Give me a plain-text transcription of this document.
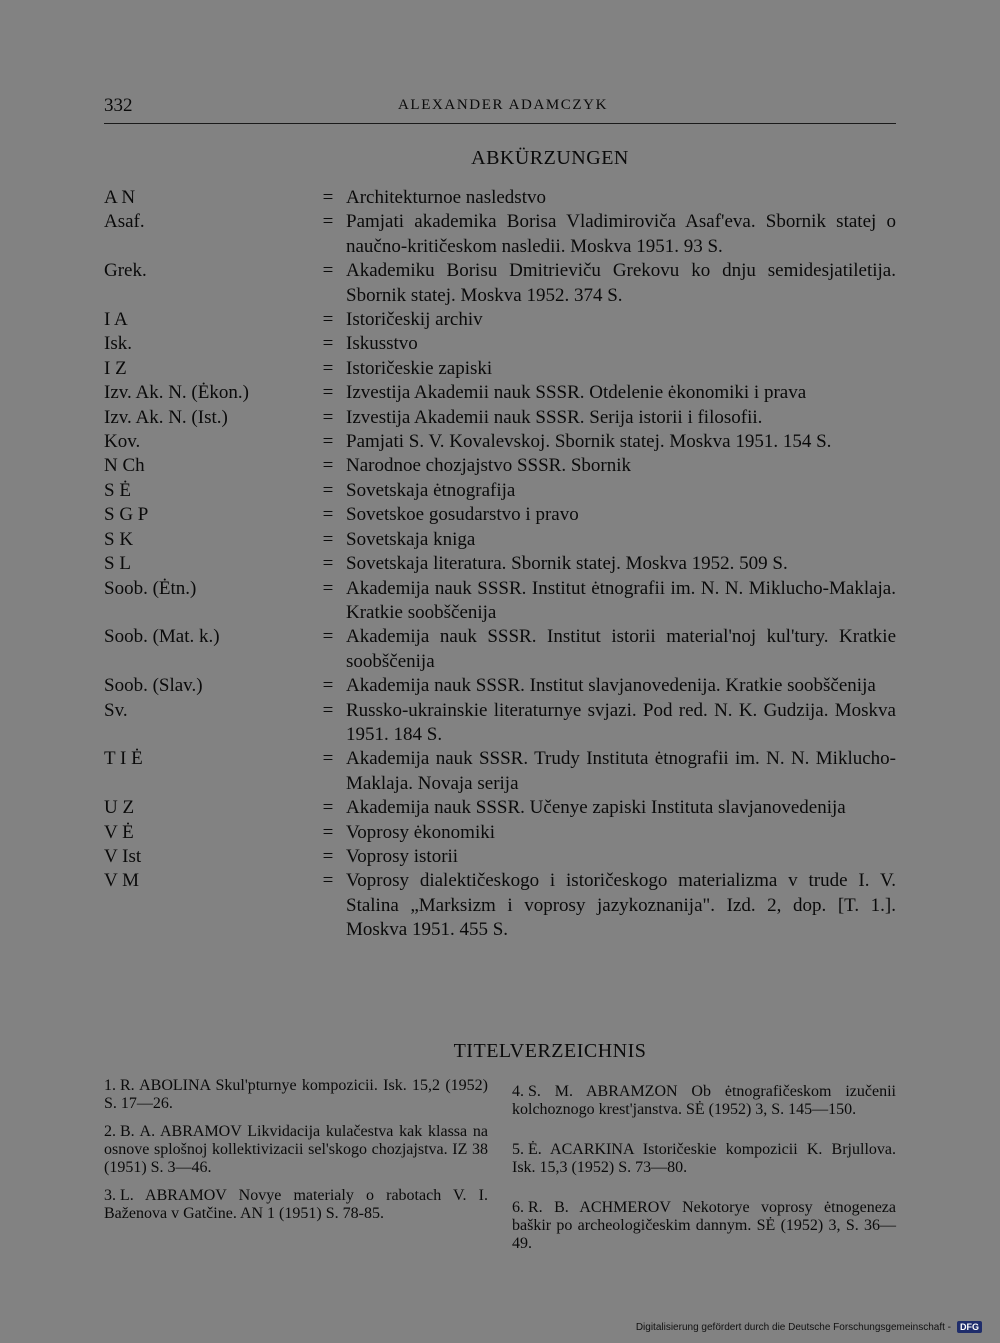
332	ALEXANDER ADAMCZYK
ABKÜRZUNGEN
A N	= Architekturnoe nasledstvo
Asaf.	= Pamjati akademika Borisa Vladimiroviča Asaf'eva. Sbornik statej o naučno-kritičeskom nasledii. Moskva 1951. 93 S.
Grek.	= Akademiku Borisu Dmitrieviču Grekovu ko dnju semidesjatiletija. Sbornik statej. Moskva 1952. 374 S.
I A	= Istoričeskij archiv
Isk.	= Iskusstvo
I Z	= Istoričeskie zapiski
Izv. Ak. N. (Ėkon.)	= Izvestija Akademii nauk SSSR. Otdelenie ėkonomiki i prava
Izv. Ak. N. (Ist.)	= Izvestija Akademii nauk SSSR. Serija istorii i filosofii.
Kov.	= Pamjati S. V. Kovalevskoj. Sbornik statej. Moskva 1951. 154 S.
N Ch	= Narodnoe chozjajstvo SSSR. Sbornik
S Ė	= Sovetskaja ėtnografija
S G P	= Sovetskoe gosudarstvo i pravo
S K	= Sovetskaja kniga
S L	= Sovetskaja literatura. Sbornik statej. Moskva 1952. 509 S.
Soob. (Ėtn.)	= Akademija nauk SSSR. Institut ėtnografii im. N. N. Miklucho-Maklaja. Kratkie soobščenija
Soob. (Mat. k.)	= Akademija nauk SSSR. Institut istorii material'noj kul'tury. Kratkie soobščenija
Soob. (Slav.)	= Akademija nauk SSSR. Institut slavjanovedenija. Kratkie soobščenija
Sv.	= Russko-ukrainskie literaturnye svjazi. Pod red. N. K. Gudzija. Moskva 1951. 184 S.
T I Ė	= Akademija nauk SSSR. Trudy Instituta ėtnografii im. N. N. Miklucho-Maklaja. Novaja serija
U Z	= Akademija nauk SSSR. Učenye zapiski Instituta slavjanovedenija
V Ė	= Voprosy ėkonomiki
V Ist	= Voprosy istorii
V M	= Voprosy dialektičeskogo i istoričeskogo materializma v trude I. V. Stalina „Marksizm i voprosy jazykoznanija". Izd. 2, dop. [T. 1.]. Moskva 1951. 455 S.
TITELVERZEICHNIS
1. R. ABOLINA Skul'pturnye kompozicii. Isk. 15,2 (1952) S. 17—26.
2. B. A. ABRAMOV Likvidacija kulačestva kak klassa na osnove splošnoj kollektivizacii sel'skogo chozjajstva. IZ 38 (1951) S. 3—46.
3. L. ABRAMOV Novye materialy o rabotach V. I. Baženova v Gatčine. AN 1 (1951) S. 78-85.
4. S. M. ABRAMZON Ob ėtnografičeskom izučenii kolchoznogo krest'janstva. SĖ (1952) 3, S. 145—150.
5. Ė. ACARKINA Istoričeskie kompozicii K. Brjullova. Isk. 15,3 (1952) S. 73—80.
6. R. B. ACHMEROV Nekotorye voprosy ėtnogeneza baškir po archeologičeskim dannym. SĖ (1952) 3, S. 36—49.
Digitalisierung gefördert durch die Deutsche Forschungsgemeinschaft -	DFG
